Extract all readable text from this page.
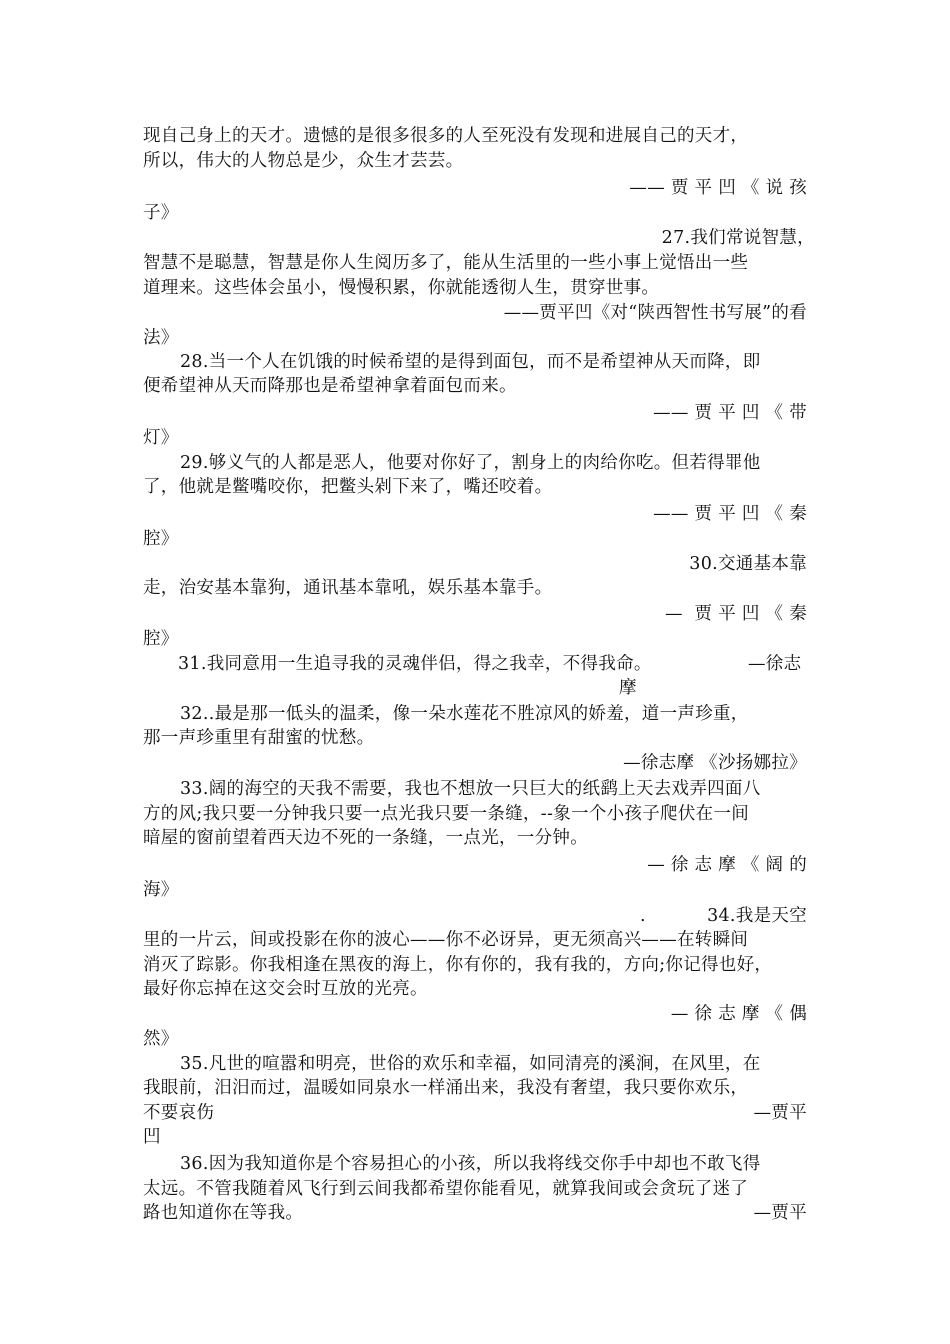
现自己身上的天才。遗憾的是很多很多的人至死没有发现和进展自己的天才，
所以，伟大的人物总是少，众生才芸芸。
—— 贾 平 凹 《 说 孩
子》
27.我们常说智慧，
智慧不是聪慧，智慧是你人生阅历多了，能从生活里的一些小事上觉悟出一些
道理来。这些体会虽小，慢慢积累，你就能透彻人生，贯穿世事。
——贾平凹《对“陕西智性书写展”的看
法》
28.当一个人在饥饿的时候希望的是得到面包，而不是希望神从天而降，即
便希望神从天而降那也是希望神拿着面包而来。
—— 贾 平 凹 《 带
灯》
29.够义气的人都是恶人，他要对你好了，割身上的肉给你吃。但若得罪他
了，他就是鳖嘴咬你，把鳖头剁下来了，嘴还咬着。
—— 贾 平 凹 《 秦
腔》
30.交通基本靠
走，治安基本靠狗，通讯基本靠吼，娱乐基本靠手。
—  贾 平 凹 《 秦
腔》
31.我同意用一生追寻我的灵魂伴侣，得之我幸，不得我命。	—徐志
摩
32..最是那一低头的温柔，像一朵水莲花不胜凉风的娇羞，道一声珍重，
那一声珍重里有甜蜜的忧愁。
—徐志摩 《沙扬娜拉》
33.阔的海空的天我不需要，我也不想放一只巨大的纸鹞上天去戏弄四面八
方的风;我只要一分钟我只要一点光我只要一条缝，--象一个小孩子爬伏在一间
暗屋的窗前望着西天边不死的一条缝，一点光，一分钟。
— 徐 志 摩 《 阔 的
海》
.	34.我是天空
里的一片云，间或投影在你的波心——你不必讶异，更无须高兴——在转瞬间
消灭了踪影。你我相逢在黑夜的海上，你有你的，我有我的，方向;你记得也好，
最好你忘掉在这交会时互放的光亮。
— 徐 志 摩 《 偶
然》
35.凡世的喧嚣和明亮，世俗的欢乐和幸福，如同清亮的溪涧，在风里，在
我眼前，汨汨而过，温暖如同泉水一样涌出来，我没有奢望，我只要你欢乐，
不要哀伤	—贾平
凹
36.因为我知道你是个容易担心的小孩，所以我将线交你手中却也不敢飞得
太远。不管我随着风飞行到云间我都希望你能看见，就算我间或会贪玩了迷了
路也知道你在等我。	—贾平
